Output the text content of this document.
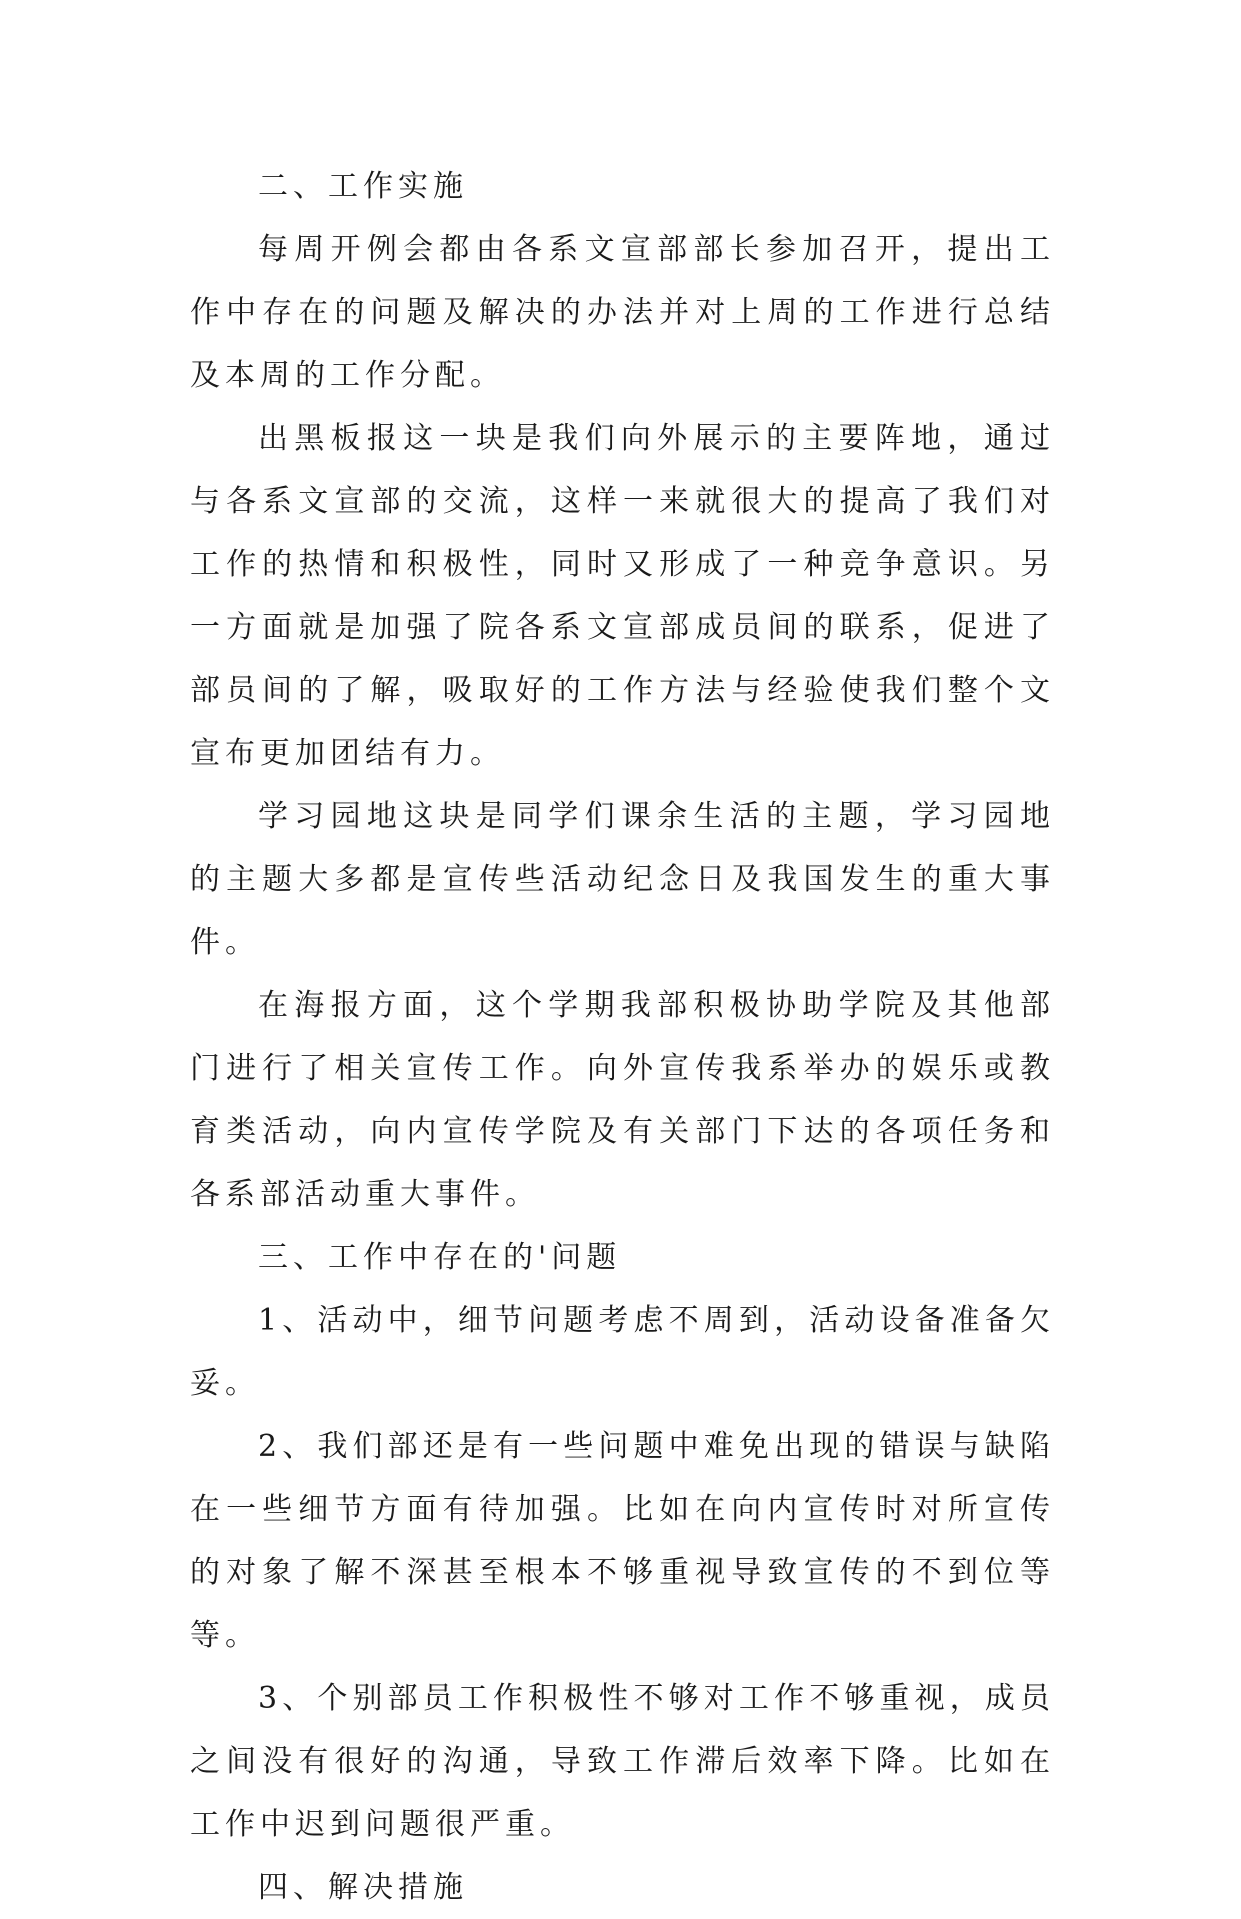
二、工作实施

每周开例会都由各系文宣部部长参加召开，提出工作中存在的问题及解决的办法并对上周的工作进行总结及本周的工作分配。

出黑板报这一块是我们向外展示的主要阵地，通过与各系文宣部的交流，这样一来就很大的提高了我们对工作的热情和积极性，同时又形成了一种竞争意识。另一方面就是加强了院各系文宣部成员间的联系，促进了部员间的了解，吸取好的工作方法与经验使我们整个文宣布更加团结有力。

学习园地这块是同学们课余生活的主题，学习园地的主题大多都是宣传些活动纪念日及我国发生的重大事件。

在海报方面，这个学期我部积极协助学院及其他部门进行了相关宣传工作。向外宣传我系举办的娱乐或教育类活动，向内宣传学院及有关部门下达的各项任务和各系部活动重大事件。

三、工作中存在的'问题

1、活动中，细节问题考虑不周到，活动设备准备欠妥。

2、我们部还是有一些问题中难免出现的错误与缺陷在一些细节方面有待加强。比如在向内宣传时对所宣传的对象了解不深甚至根本不够重视导致宣传的不到位等等。

3、个别部员工作积极性不够对工作不够重视，成员之间没有很好的沟通，导致工作滞后效率下降。比如在工作中迟到问题很严重。

四、解决措施
